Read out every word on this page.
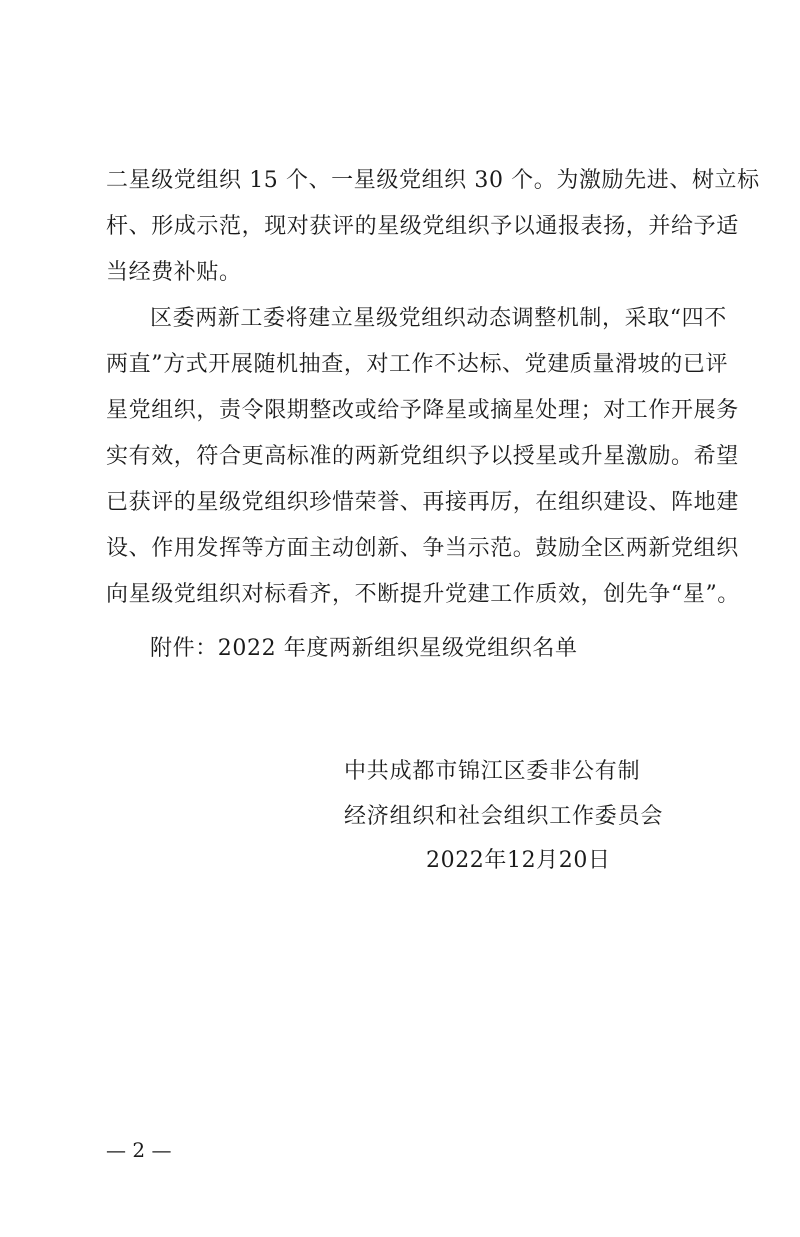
二星级党组织 15 个、一星级党组织 30 个。为激励先进、树立标
杆、形成示范，现对获评的星级党组织予以通报表扬，并给予适
当经费补贴。
区委两新工委将建立星级党组织动态调整机制，采取“四不
两直”方式开展随机抽查，对工作不达标、党建质量滑坡的已评
星党组织，责令限期整改或给予降星或摘星处理；对工作开展务
实有效，符合更高标准的两新党组织予以授星或升星激励。希望
已获评的星级党组织珍惜荣誉、再接再厉，在组织建设、阵地建
设、作用发挥等方面主动创新、争当示范。鼓励全区两新党组织
向星级党组织对标看齐，不断提升党建工作质效，创先争“星”。
附件：2022 年度两新组织星级党组织名单
中共成都市锦江区委非公有制
经济组织和社会组织工作委员会
2022年12月20日
— 2 —
